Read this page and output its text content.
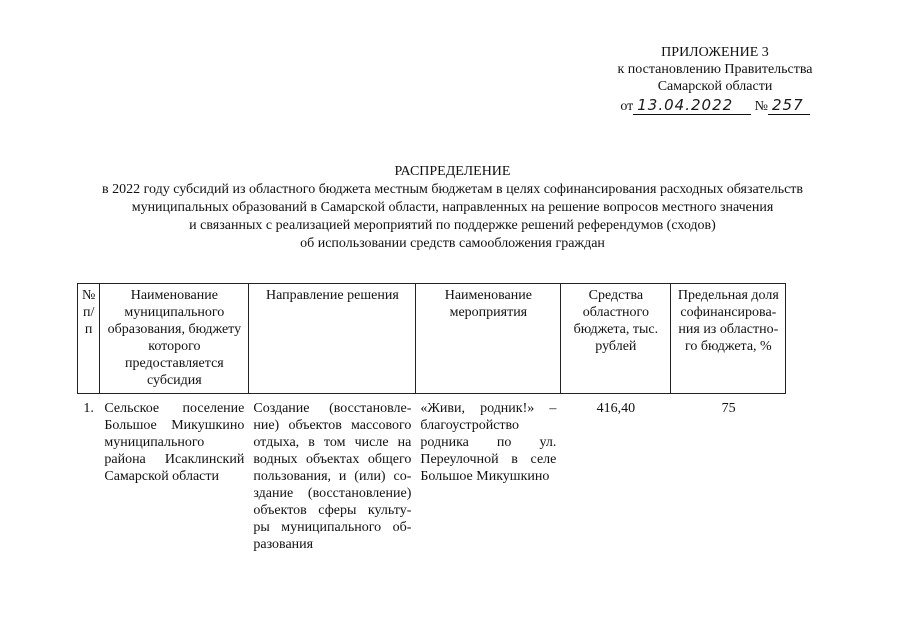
ПРИЛОЖЕНИЕ 3
к постановлению Правительства
Самарской области
от 13.04.2022 № 257
РАСПРЕДЕЛЕНИЕ
в 2022 году субсидий из областного бюджета местным бюджетам в целях софинансирования расходных обязательств
муниципальных образований в Самарской области, направленных на решение вопросов местного значения
и связанных с реализацией мероприятий по поддержке решений референдумов (сходов)
об использовании средств самообложения граждан
№ п/п	Наименование муниципального образования, бюджету которого предоставляется субсидия	Направление решения	Наименование мероприятия	Средства областного бюджета, тыс. рублей	Предельная доля софинансирова-ния из областно-го бюджета, %
1.	Сельское поселение Большое Микушкино муниципального района Исаклинский Самарской области	Создание (восстановле-ние) объектов массового отдыха, в том числе на водных объектах общего пользования, и (или) со-здание (восстановление) объектов сферы культу-ры муниципального об-разования	«Живи, родник!» – благоустройство родника по ул. Переулочной в селе Большое Микушкино	416,40	75
